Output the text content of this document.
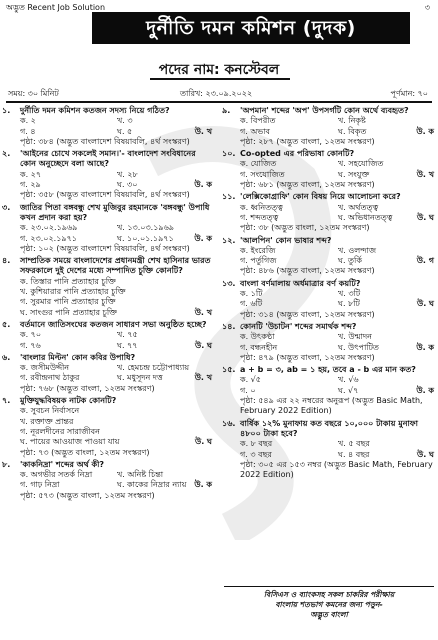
অদ্ভুত Recent Job Solution	৩
দুর্নীতি দমন কমিশন (দুদক)
পদের নাম: কনস্টেবল
সময়: ৩০ মিনিট	তারিখ: ২৩.০৯.২০২২	পূর্ণমান: ৭০
১.	দুর্নীতি দমন কমিশন কতজন সদস্য নিয়ে গঠিত?
ক. ২	খ. ৩
গ. ৪	ঘ. ৫	উ. খ
পৃষ্ঠা: ৩৮৪ (অদ্ভুত বাংলাদেশ বিষয়াবলি, ৪র্থ সংস্করণ)
২.	'আইনের চোখে সকলেই সমান।'- বাংলাদেশ সংবিধানের কোন অনুচ্ছেদে বলা আছে?
ক. ২৭	খ. ২৮
গ. ২৯	ঘ. ৩০	উ. ক
পৃষ্ঠা: ৩৫৮ (অদ্ভুত বাংলাদেশ বিষয়াবলি, ৪র্থ সংস্করণ)
৩.	জাতির পিতা বঙ্গবন্ধু শেখ মুজিবুর রহমানকে 'বঙ্গবন্ধু' উপাধি কখন প্রদান করা হয়?
ক. ২৩.০২.১৯৬৯	খ. ১৩.০৩.১৯৬৯
গ. ২৩.০২.১৯৭১	ঘ. ১০.০১.১৯৭১	উ. ক
পৃষ্ঠা: ১০২ (অদ্ভুত বাংলাদেশ বিষয়াবলি, ৪র্থ সংস্করণ)
৪.	সাম্প্রতিক সময়ে বাংলাদেশের প্রধানমন্ত্রী শেখ হাসিনার ভারত সফরকালে দুই দেশের মধ্যে সম্পাদিত চুক্তি কোনটি?
ক. তিস্তার পানি প্রত্যাহার চুক্তি
খ. কুশিয়ারার পানি প্রত্যাহার চুক্তি
গ. সুরমার পানি প্রত্যাহার চুক্তি
ঘ. সাংগুর পানি প্রত্যাহার চুক্তি	উ. খ
৫.	বর্তমানে জাতিসংঘের কতজন সাধারণ সভা অনুষ্ঠিত হচ্ছে?
ক. ৭০	খ. ৭৫
গ. ৭৬	ঘ. ৭৭	উ. ঘ
৬.	'বাংলার মিল্টন' কোন কবির উপাধি?
ক. জসীমউদ্দীন	খ. হেমচন্দ্র চট্টোপাধ্যায়
গ. রবীন্দ্রনাথ ঠাকুর	ঘ. মধুসূদন দত্ত	উ. খ
পৃষ্ঠা: ৭৬৮ (অদ্ভুত বাংলা, ১২তম সংস্করণ)
৭.	মুক্তিযুদ্ধবিষয়ক নাটক কোনটি?
ক. সুবচন নির্বাসনে
খ. রক্তাক্ত প্রান্তর
গ. নূরলদীনের সারাজীবন
ঘ. পায়ের আওয়াজ পাওয়া যায়	উ. ঘ
পৃষ্ঠা: ৭৩ (অদ্ভুত বাংলা, ১২তম সংস্করণ)
৮.	'কাকনিদ্রা' শব্দের অর্থ কী?
ক. অগভীর সতর্ক নিদ্রা	খ. অনিষ্ট চিন্তা
গ. গাঢ় নিদ্রা	ঘ. কাকের নিদ্রার ন্যায় উ. ক
পৃষ্ঠা: ৫৭৩ (অদ্ভুত বাংলা, ১২তম সংস্করণ)
৯.	'অপমান' শব্দের 'অপ' উপসর্গটি কোন অর্থে ব্যবহৃত?
ক. বিপরীত	খ. নিকৃষ্ট
গ. অভাব	ঘ. বিকৃত	উ. ক
পৃষ্ঠা: ২৮৭ (অদ্ভুত বাংলা, ১২তম সংস্করণ)
১০. Co-opted এর পরিভাষা কোনটি?
ক. যোজিত	খ. সহযোজিত
গ. সংযোজিত	ঘ. সংযুক্ত	উ. খ
পৃষ্ঠা: ৬৮১ (অদ্ভুত বাংলা, ১২তম সংস্করণ)
১১. 'লেক্সিকোগ্রাফি' কোন বিষয় নিয়ে আলোচনা করে?
ক. ধ্বনিতত্ত্ব	খ. অর্থতত্ত্ব
গ. শব্দতত্ত্ব	ঘ. অভিধানতত্ত্ব	উ. ঘ
পৃষ্ঠা: ৩৮ (অদ্ভুত বাংলা, ১২তম সংস্করণ)
১২. 'আলপিন' কোন ভাষার শব্দ?
ক. ইংরেজি	খ. ওলন্দাজ
গ. পর্তুগিজ	ঘ. তুর্কি	উ. গ
পৃষ্ঠা: ৪৮৬ (অদ্ভুত বাংলা, ১২তম সংস্করণ)
১৩. বাংলা বর্ণমালায় অর্ধমাত্রার বর্ণ কয়টি?
ক. ১টি	খ. ৩টি
গ. ৬টি	ঘ. ৮টি	উ. ঘ
পৃষ্ঠা: ৩১৪ (অদ্ভুত বাংলা, ১২তম সংস্করণ)
১৪. কোনটি 'উচাটন' শব্দের সমার্থক শব্দ?
ক. উৎকণ্ঠা	খ. উন্মাদন
গ. বন্ধনহীন	ঘ. উৎপাটিত	উ. ক
পৃষ্ঠা: ৪৭৯ (অদ্ভুত বাংলা, ১২তম সংস্করণ)
১৫. a + b = ৩, ab = ১ হয়, তবে a - b এর মান কত?
ক. √৫	খ. √৬
গ. ০	ঘ. √৭	উ. ক
পৃষ্ঠা: ৫৪৯ এর ২২ নম্বরের অনুরূপ (অদ্ভুত Basic Math, February 2022 Edition)
১৬. বার্ষিক ১২% মুনাফায় কত বছরে ১০,০০০ টাকায় মুনাফা ৪৮০০ টাকা হবে?
ক. ৮ বছর	খ. ৫ বছর
গ. ৩ বছর	ঘ. ৪ বছর	উ. ঘ
পৃষ্ঠা: ৩০৫ এর ১৫৩ নম্বর (অদ্ভুত Basic Math, February 2022 Edition)
বিসিএস ও ব্যাংকসহ সকল চাকরির পরীক্ষায়
বাংলায় শতভাগ কমনের জন্য পড়ুন-
অদ্ভুত বাংলা
